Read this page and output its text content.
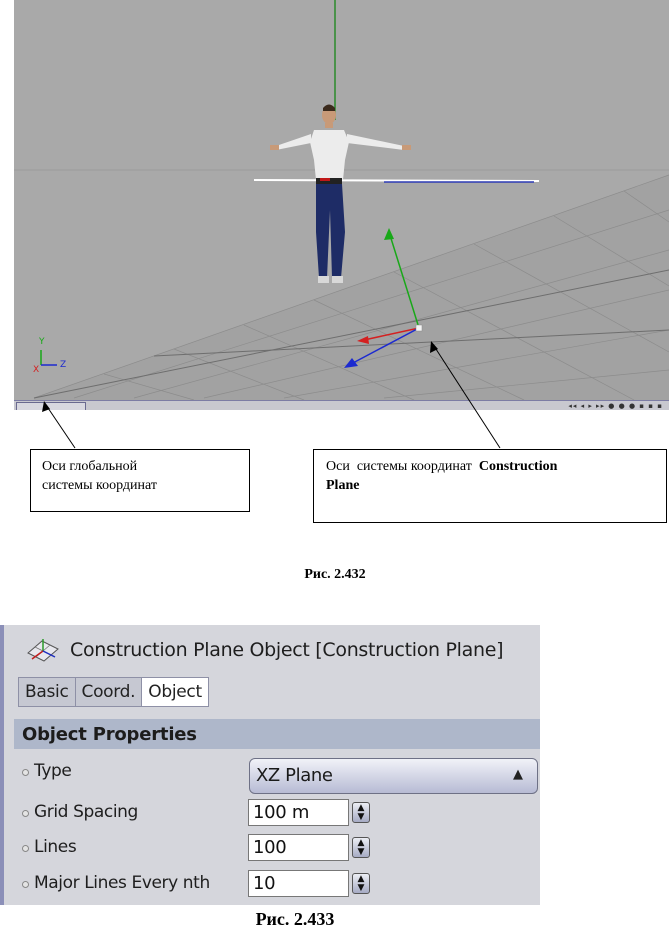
Y
Z
X
◂◂ ◂ ▸ ▸▸ ● ● ● ▪ ▪ ▪
Оси глобальной
системы координат
Оси  системы координат  Construction
Plane
Рис. 2.432
Construction Plane Object [Construction Plane]
Basic Coord. Object
Object Properties
Type	XZ Plane	▲

Grid Spacing	100 m	▲
▼
Lines	100	▲
▼
Major Lines Every nth 10	▲
▼
Рис. 2.433
